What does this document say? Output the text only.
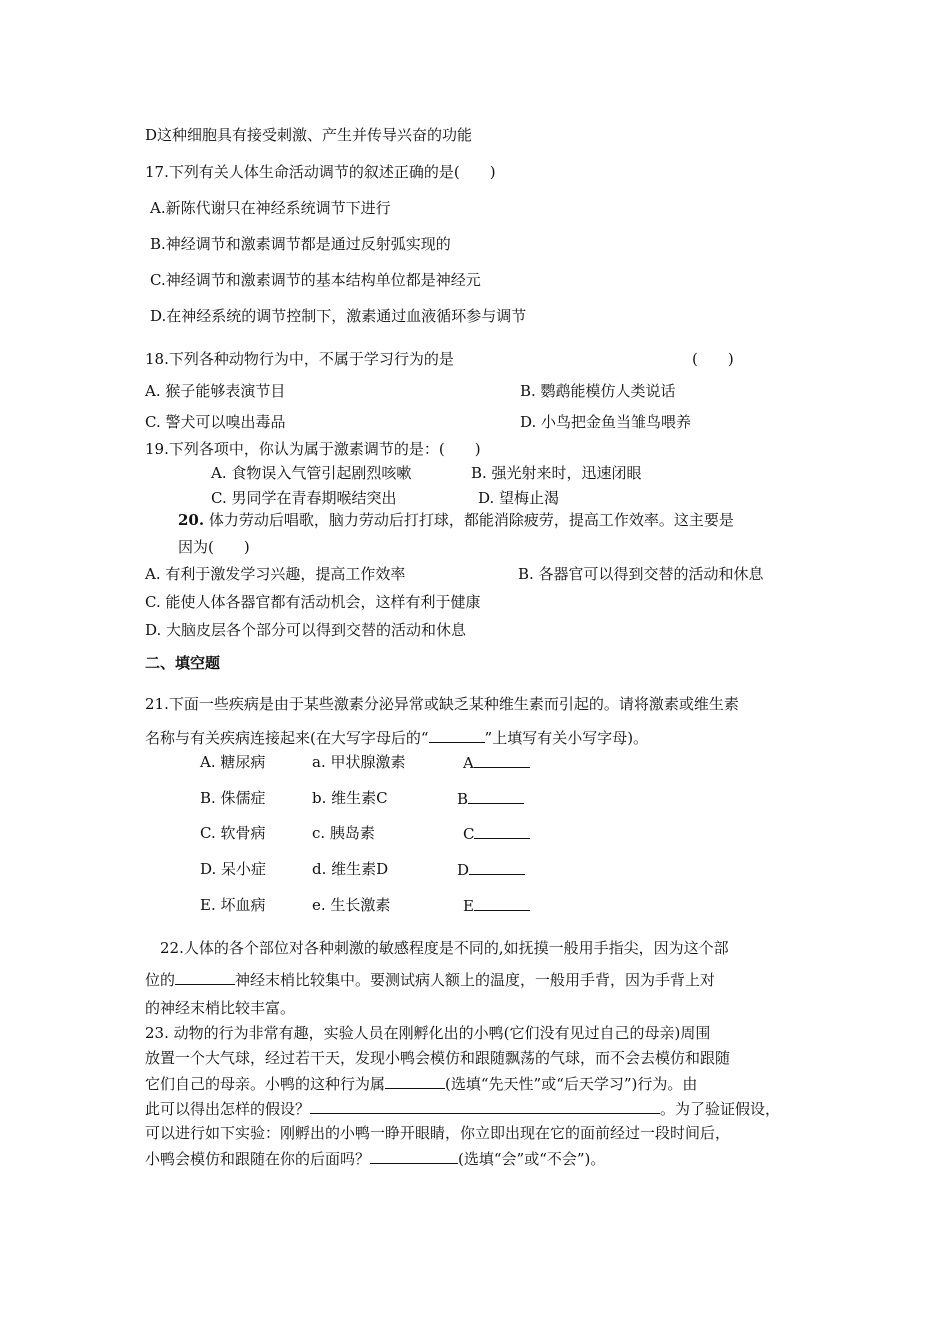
D这种细胞具有接受刺激、产生并传导兴奋的功能
17.下列有关人体生命活动调节的叙述正确的是(　　)
A.新陈代谢只在神经系统调节下进行
B.神经调节和激素调节都是通过反射弧实现的
C.神经调节和激素调节的基本结构单位都是神经元
D.在神经系统的调节控制下，激素通过血液循环参与调节
18.下列各种动物行为中，不属于学习行为的是	(　　)
A. 猴子能够表演节目	B. 鹦鹉能模仿人类说话
C. 警犬可以嗅出毒品	D. 小鸟把金鱼当雏鸟喂养
19.下列各项中，你认为属于激素调节的是：(　　)
A. 食物误入气管引起剧烈咳嗽	B. 强光射来时，迅速闭眼
C. 男同学在青春期喉结突出	D. 望梅止渴
20. 体力劳动后唱歌，脑力劳动后打打球，都能消除疲劳，提高工作效率。这主要是
因为(　　)
A. 有利于激发学习兴趣，提高工作效率	B. 各器官可以得到交替的活动和休息
C. 能使人体各器官都有活动机会，这样有利于健康
D. 大脑皮层各个部分可以得到交替的活动和休息
二、填空题
21.下面一些疾病是由于某些激素分泌异常或缺乏某种维生素而引起的。请将激素或维生素
名称与有关疾病连接起来(在大写字母后的“	”上填写有关小写字母)。
A. 糖尿病	a. 甲状腺激素	A
B. 侏儒症	b. 维生素C	B
C. 软骨病	c. 胰岛素	C
D. 呆小症	d. 维生素D	D
E. 坏血病	e. 生长激素	E
22.人体的各个部位对各种刺激的敏感程度是不同的,如抚摸一般用手指尖，因为这个部
位的	神经末梢比较集中。要测试病人额上的温度，一般用手背，因为手背上对
的神经末梢比较丰富。
23. 动物的行为非常有趣，实验人员在刚孵化出的小鸭(它们没有见过自己的母亲)周围
放置一个大气球，经过若干天，发现小鸭会模仿和跟随飘荡的气球，而不会去模仿和跟随
它们自己的母亲。小鸭的这种行为属	(选填“先天性”或“后天学习”)行为。由
此可以得出怎样的假设？	。为了验证假设，
可以进行如下实验：刚孵出的小鸭一睁开眼睛，你立即出现在它的面前经过一段时间后，
小鸭会模仿和跟随在你的后面吗？	(选填“会”或“不会”)。
